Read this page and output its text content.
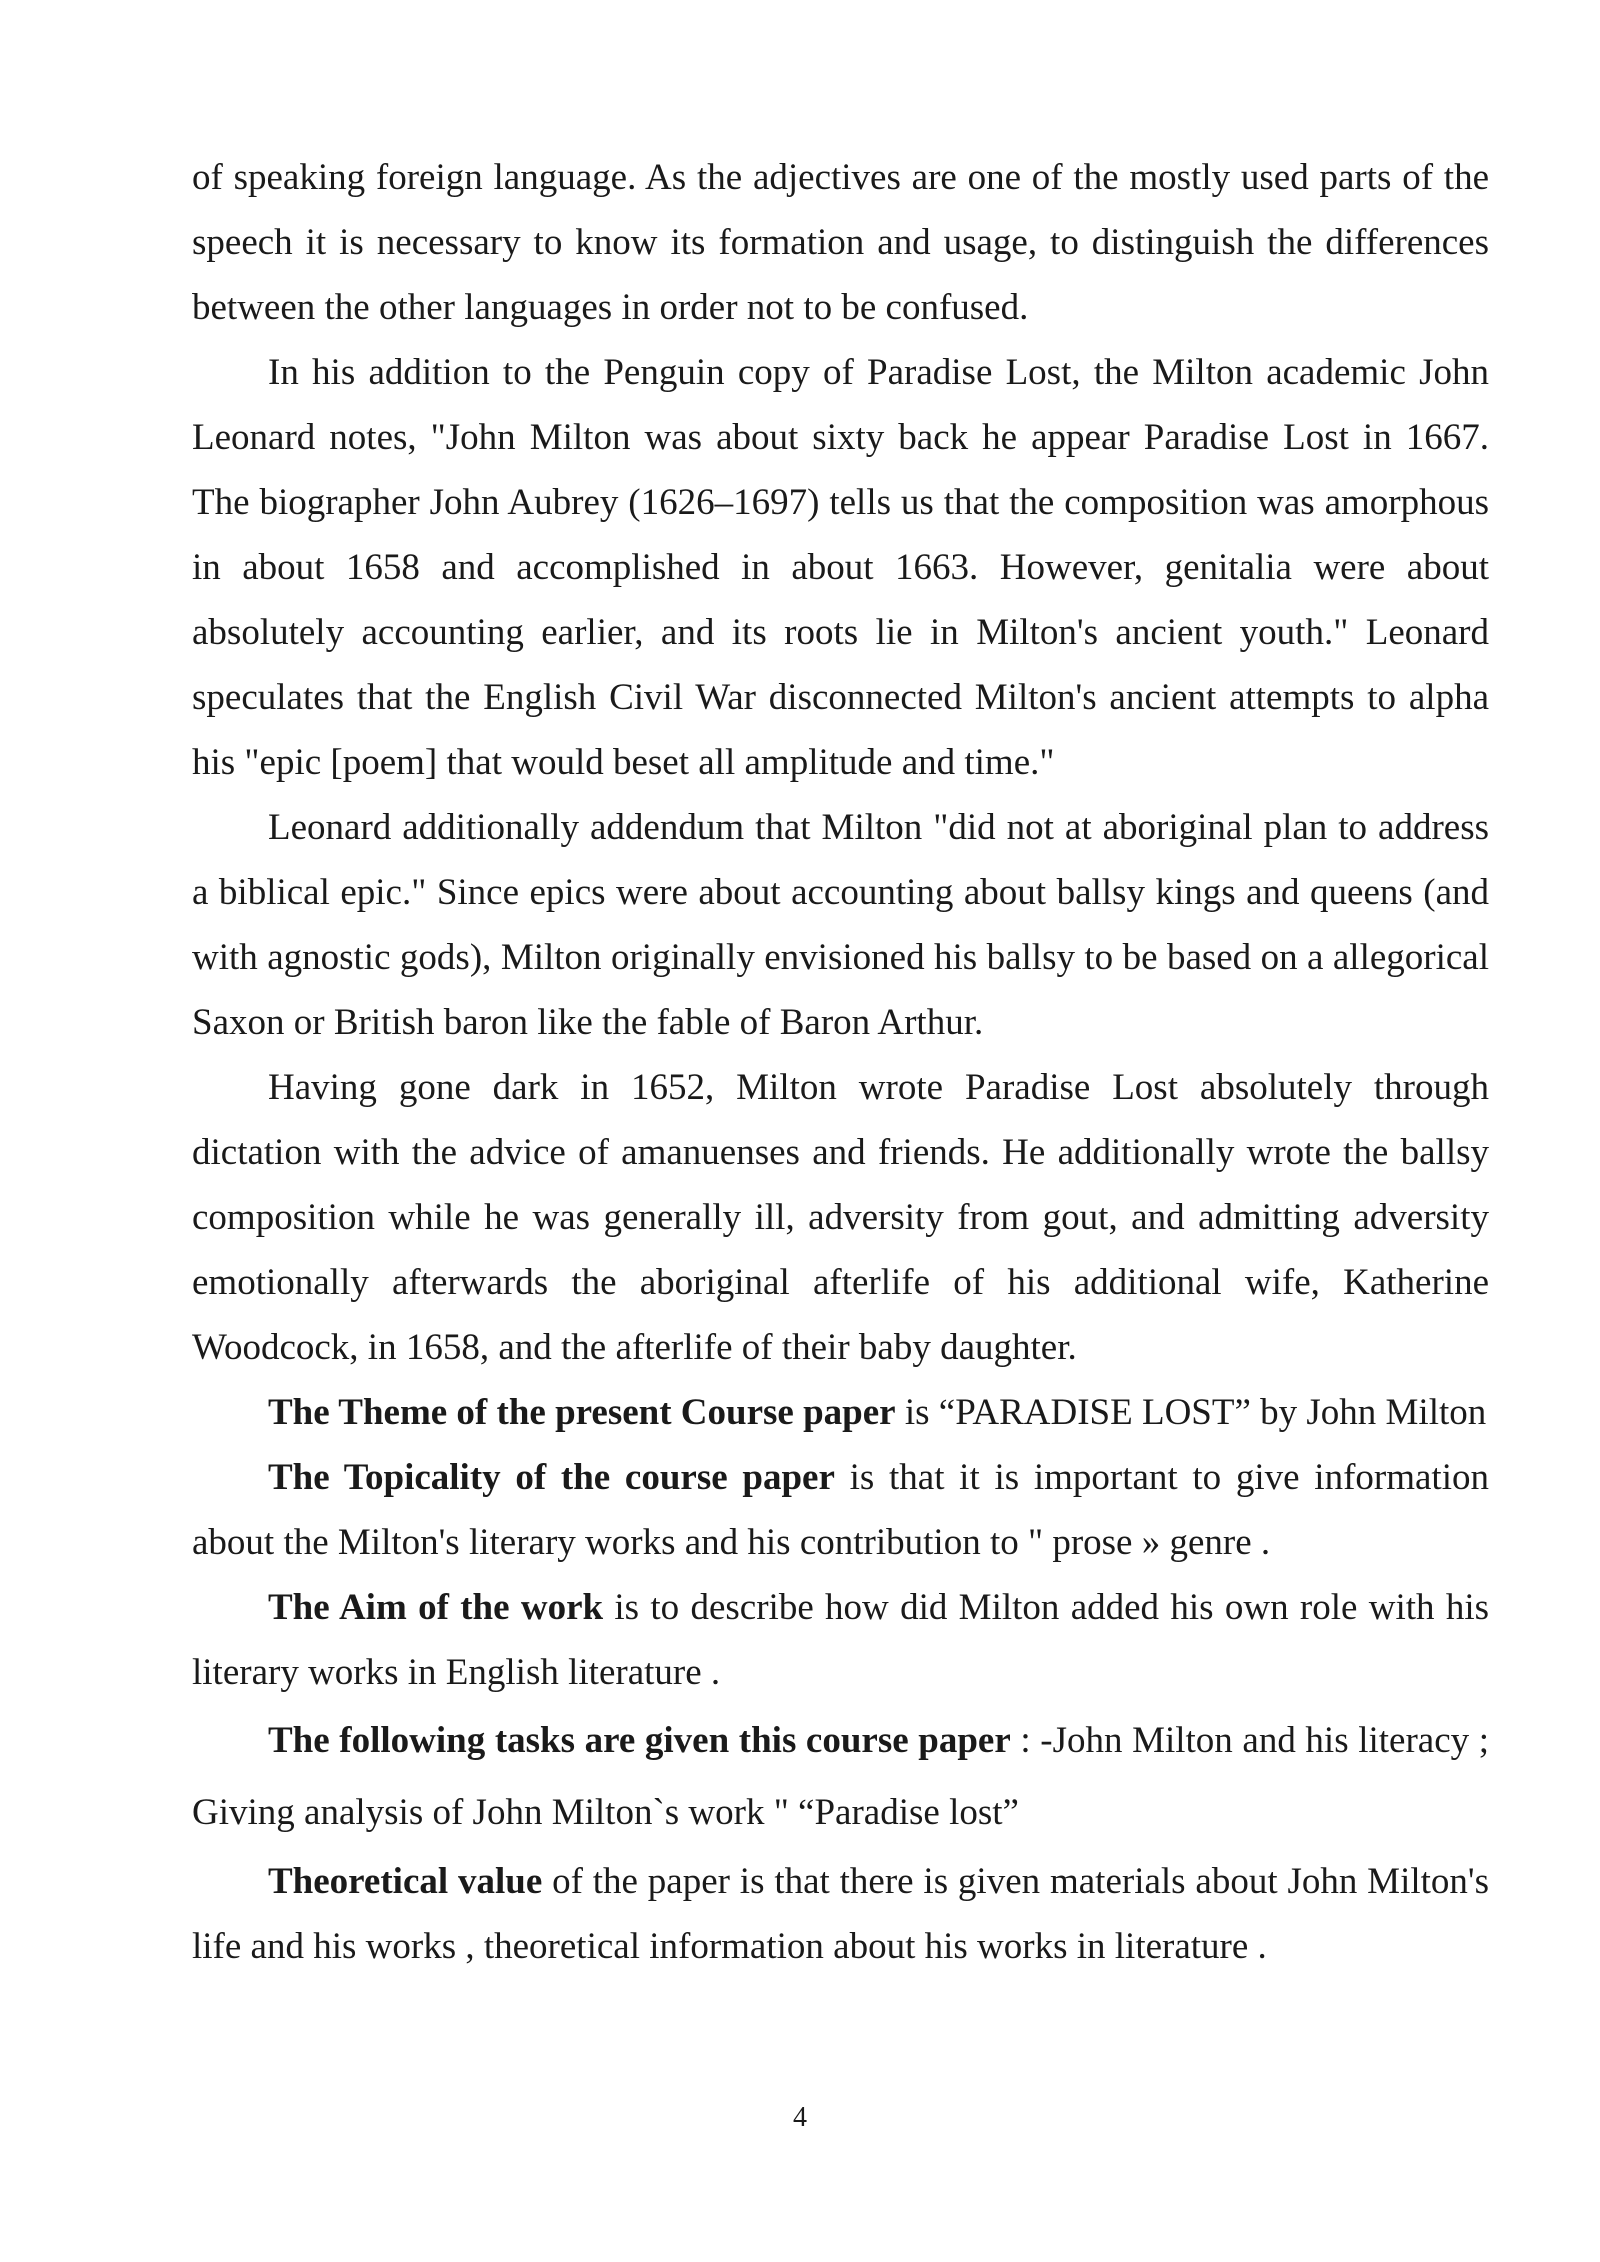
of speaking foreign language. As the adjectives are one of the mostly used parts of the speech it is necessary to know its formation and usage, to distinguish the differences between the other languages in order not to be confused.

In his addition to the Penguin copy of Paradise Lost, the Milton academic John Leonard notes, "John Milton was about sixty back he appear Paradise Lost in 1667. The biographer John Aubrey (1626–1697) tells us that the composition was amorphous in about 1658 and accomplished in about 1663. However, genitalia were about absolutely accounting earlier, and its roots lie in Milton's ancient youth." Leonard speculates that the English Civil War disconnected Milton's ancient attempts to alpha his "epic [poem] that would beset all amplitude and time."

Leonard additionally addendum that Milton "did not at aboriginal plan to address a biblical epic." Since epics were about accounting about ballsy kings and queens (and with agnostic gods), Milton originally envisioned his ballsy to be based on a allegorical Saxon or British baron like the fable of Baron Arthur.

Having gone dark in 1652, Milton wrote Paradise Lost absolutely through dictation with the advice of amanuenses and friends. He additionally wrote the ballsy composition while he was generally ill, adversity from gout, and admitting adversity emotionally afterwards the aboriginal afterlife of his additional wife, Katherine Woodcock, in 1658, and the afterlife of their baby daughter.

The Theme of the present Course paper is “PARADISE LOST” by John Milton

The Topicality of the course paper is that it is important to give information about the Milton's literary works and his contribution to " prose » genre .

The Aim of the work is to describe how did Milton added his own role with his literary works in English literature .

The following tasks are given this course paper : -John Milton and his literacy ; Giving analysis of John Milton`s work " “Paradise lost”

Theoretical value of the paper is that there is given materials about John Milton's life and his works , theoretical information about his works in literature .

4
